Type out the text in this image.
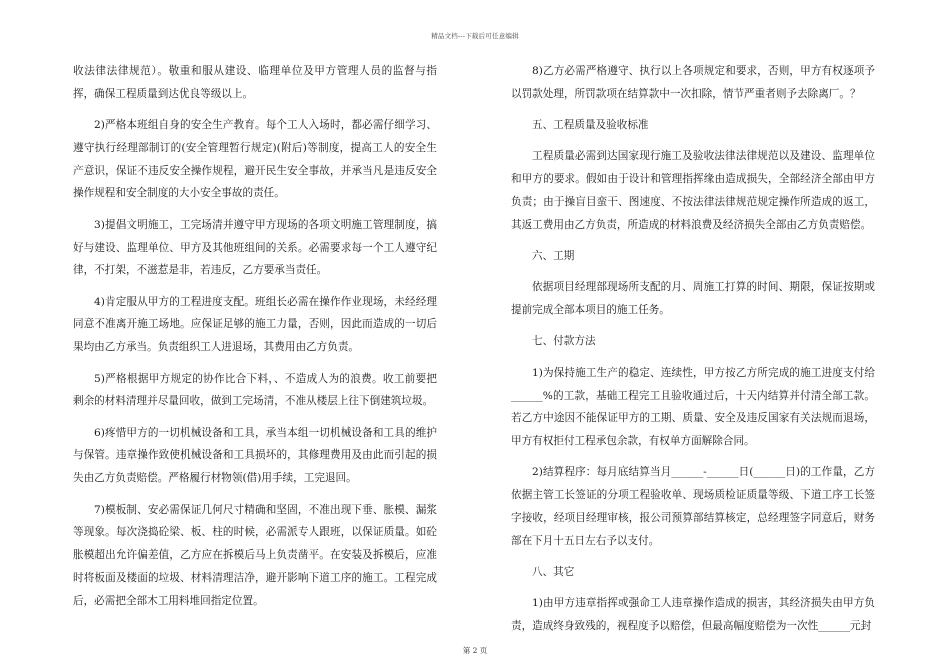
精品文档---下载后可任意编辑

收法律法律规范）。敬重和服从建设、临理单位及甲方管理人员的监督与指挥，确保工程质量到达优良等级以上。

2)严格本班组自身的安全生产教育。每个工人入场时，都必需仔细学习、遵守执行经理部制订的(安全管理暂行规定)(附后)等制度，提高工人的安全生产意识，保证不违反安全操作规程，避开民生安全事故，并承当凡是违反安全操作规程和安全制度的大小安全事故的责任。

3)提倡文明施工，工完场清并遵守甲方现场的各项文明施工管理制度，搞好与建设、监理单位、甲方及其他班组间的关系。必需要求每一个工人遵守纪律，不打架，不滋惹是非，若违反，乙方要承当责任。

4)肯定服从甲方的工程进度支配。班组长必需在操作作业现场，未经经理同意不准离开施工场地。应保证足够的施工力量，否则，因此而造成的一切后果均由乙方承当。负责组织工人进退场，其费用由乙方负责。

5)严格根据甲方规定的协作比合下料，、不造成人为的浪费。收工前要把剩余的材料清理并尽量回收，做到工完场清，不准从楼层上往下倒建筑垃圾。

6)疼惜甲方的一切机械设备和工具，承当本组一切机械设备和工具的维护与保管。违章操作致使机械设备和工具损坏的，其修理费用及由此而引起的损失由乙方负责赔偿。严格履行材物领(借)用手续，工完退回。

7)模板制、安必需保证几何尺寸精确和坚固，不准出现下垂、胀模、漏浆等现象。每次浇捣砼梁、板、柱的时候，必需派专人跟班，以保证质量。如砼胀模超出允许偏差值，乙方应在拆模后马上负责凿平。在安装及拆模后，应准时将板面及楼面的垃圾、材料清理洁净，避开影响下道工序的施工。工程完成后，必需把全部木工用料堆回指定位置。

8)乙方必需严格遵守、执行以上各项规定和要求，否则，甲方有权逐项予以罚款处理，所罚款项在结算款中一次扣除，情节严重者则予去除离厂。？

五、工程质量及验收标准

工程质量必需到达国家现行施工及验收法律法律规范以及建设、监理单位和甲方的要求。假如由于设计和管理指挥缘由造成损失，全部经济全部由甲方负责；由于操盲目蛮干、图速度、不按法律法律规范规定操作所造成的返工，其返工费用由乙方负责，所造成的材料浪费及经济损失全部由乙方负责赔偿。

六、工期

依据项目经理部现场所支配的月、周施工打算的时间、期限，保证按期或提前完成全部本项目的施工任务。

七、付款方法

1)为保持施工生产的稳定、连续性，甲方按乙方所完成的施工进度支付给______%的工款，基础工程完工且验收通过后，十天内结算并付清全部工款。若乙方中途因不能保证甲方的工期、质量、安全及违反国家有关法规而退场，甲方有权拒付工程承包余款，有权单方面解除合同。

2)结算程序：每月底结算当月______-______日(______日)的工作量，乙方依据主管工长签证的分项工程验收单、现场质检证质量等级、下道工序工长签字接收，经项目经理审核，报公司预算部结算核定，总经理签字同意后，财务部在下月十五日左右予以支付。

八、其它

1)由甲方违章指挥或强命工人违章操作造成的损害，其经济损失由甲方负责，造成终身致残的，视程度予以赔偿，但最高幅度赔偿为一次性______元封

第 2 页
